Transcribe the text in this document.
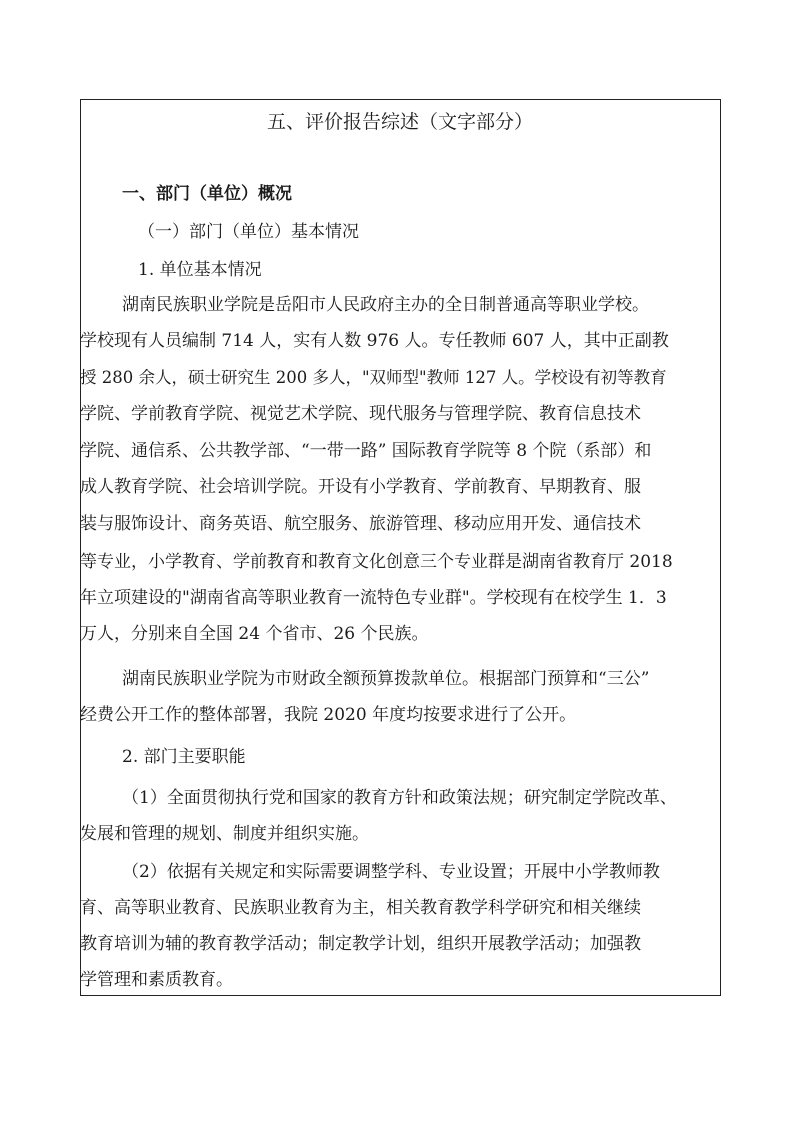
五、评价报告综述（文字部分）
一、部门（单位）概况
（一）部门（单位）基本情况
1. 单位基本情况
湖南民族职业学院是岳阳市人民政府主办的全日制普通高等职业学校。
学校现有人员编制 714 人，实有人数 976 人。专任教师 607 人，其中正副教
授 280 余人，硕士研究生 200 多人，"双师型"教师 127 人。学校设有初等教育
学院、学前教育学院、视觉艺术学院、现代服务与管理学院、教育信息技术
学院、通信系、公共教学部、“一带一路” 国际教育学院等 8 个院（系部）和
成人教育学院、社会培训学院。开设有小学教育、学前教育、早期教育、服
装与服饰设计、商务英语、航空服务、旅游管理、移动应用开发、通信技术
等专业，小学教育、学前教育和教育文化创意三个专业群是湖南省教育厅 2018
年立项建设的"湖南省高等职业教育一流特色专业群"。学校现有在校学生 1．3
万人，分别来自全国 24 个省市、26 个民族。
湖南民族职业学院为市财政全额预算拨款单位。根据部门预算和“三公”
经费公开工作的整体部署，我院 2020 年度均按要求进行了公开。
2. 部门主要职能
（1）全面贯彻执行党和国家的教育方针和政策法规；研究制定学院改革、
发展和管理的规划、制度并组织实施。
（2）依据有关规定和实际需要调整学科、专业设置；开展中小学教师教
育、高等职业教育、民族职业教育为主，相关教育教学科学研究和相关继续
教育培训为辅的教育教学活动；制定教学计划，组织开展教学活动；加强教
学管理和素质教育。
